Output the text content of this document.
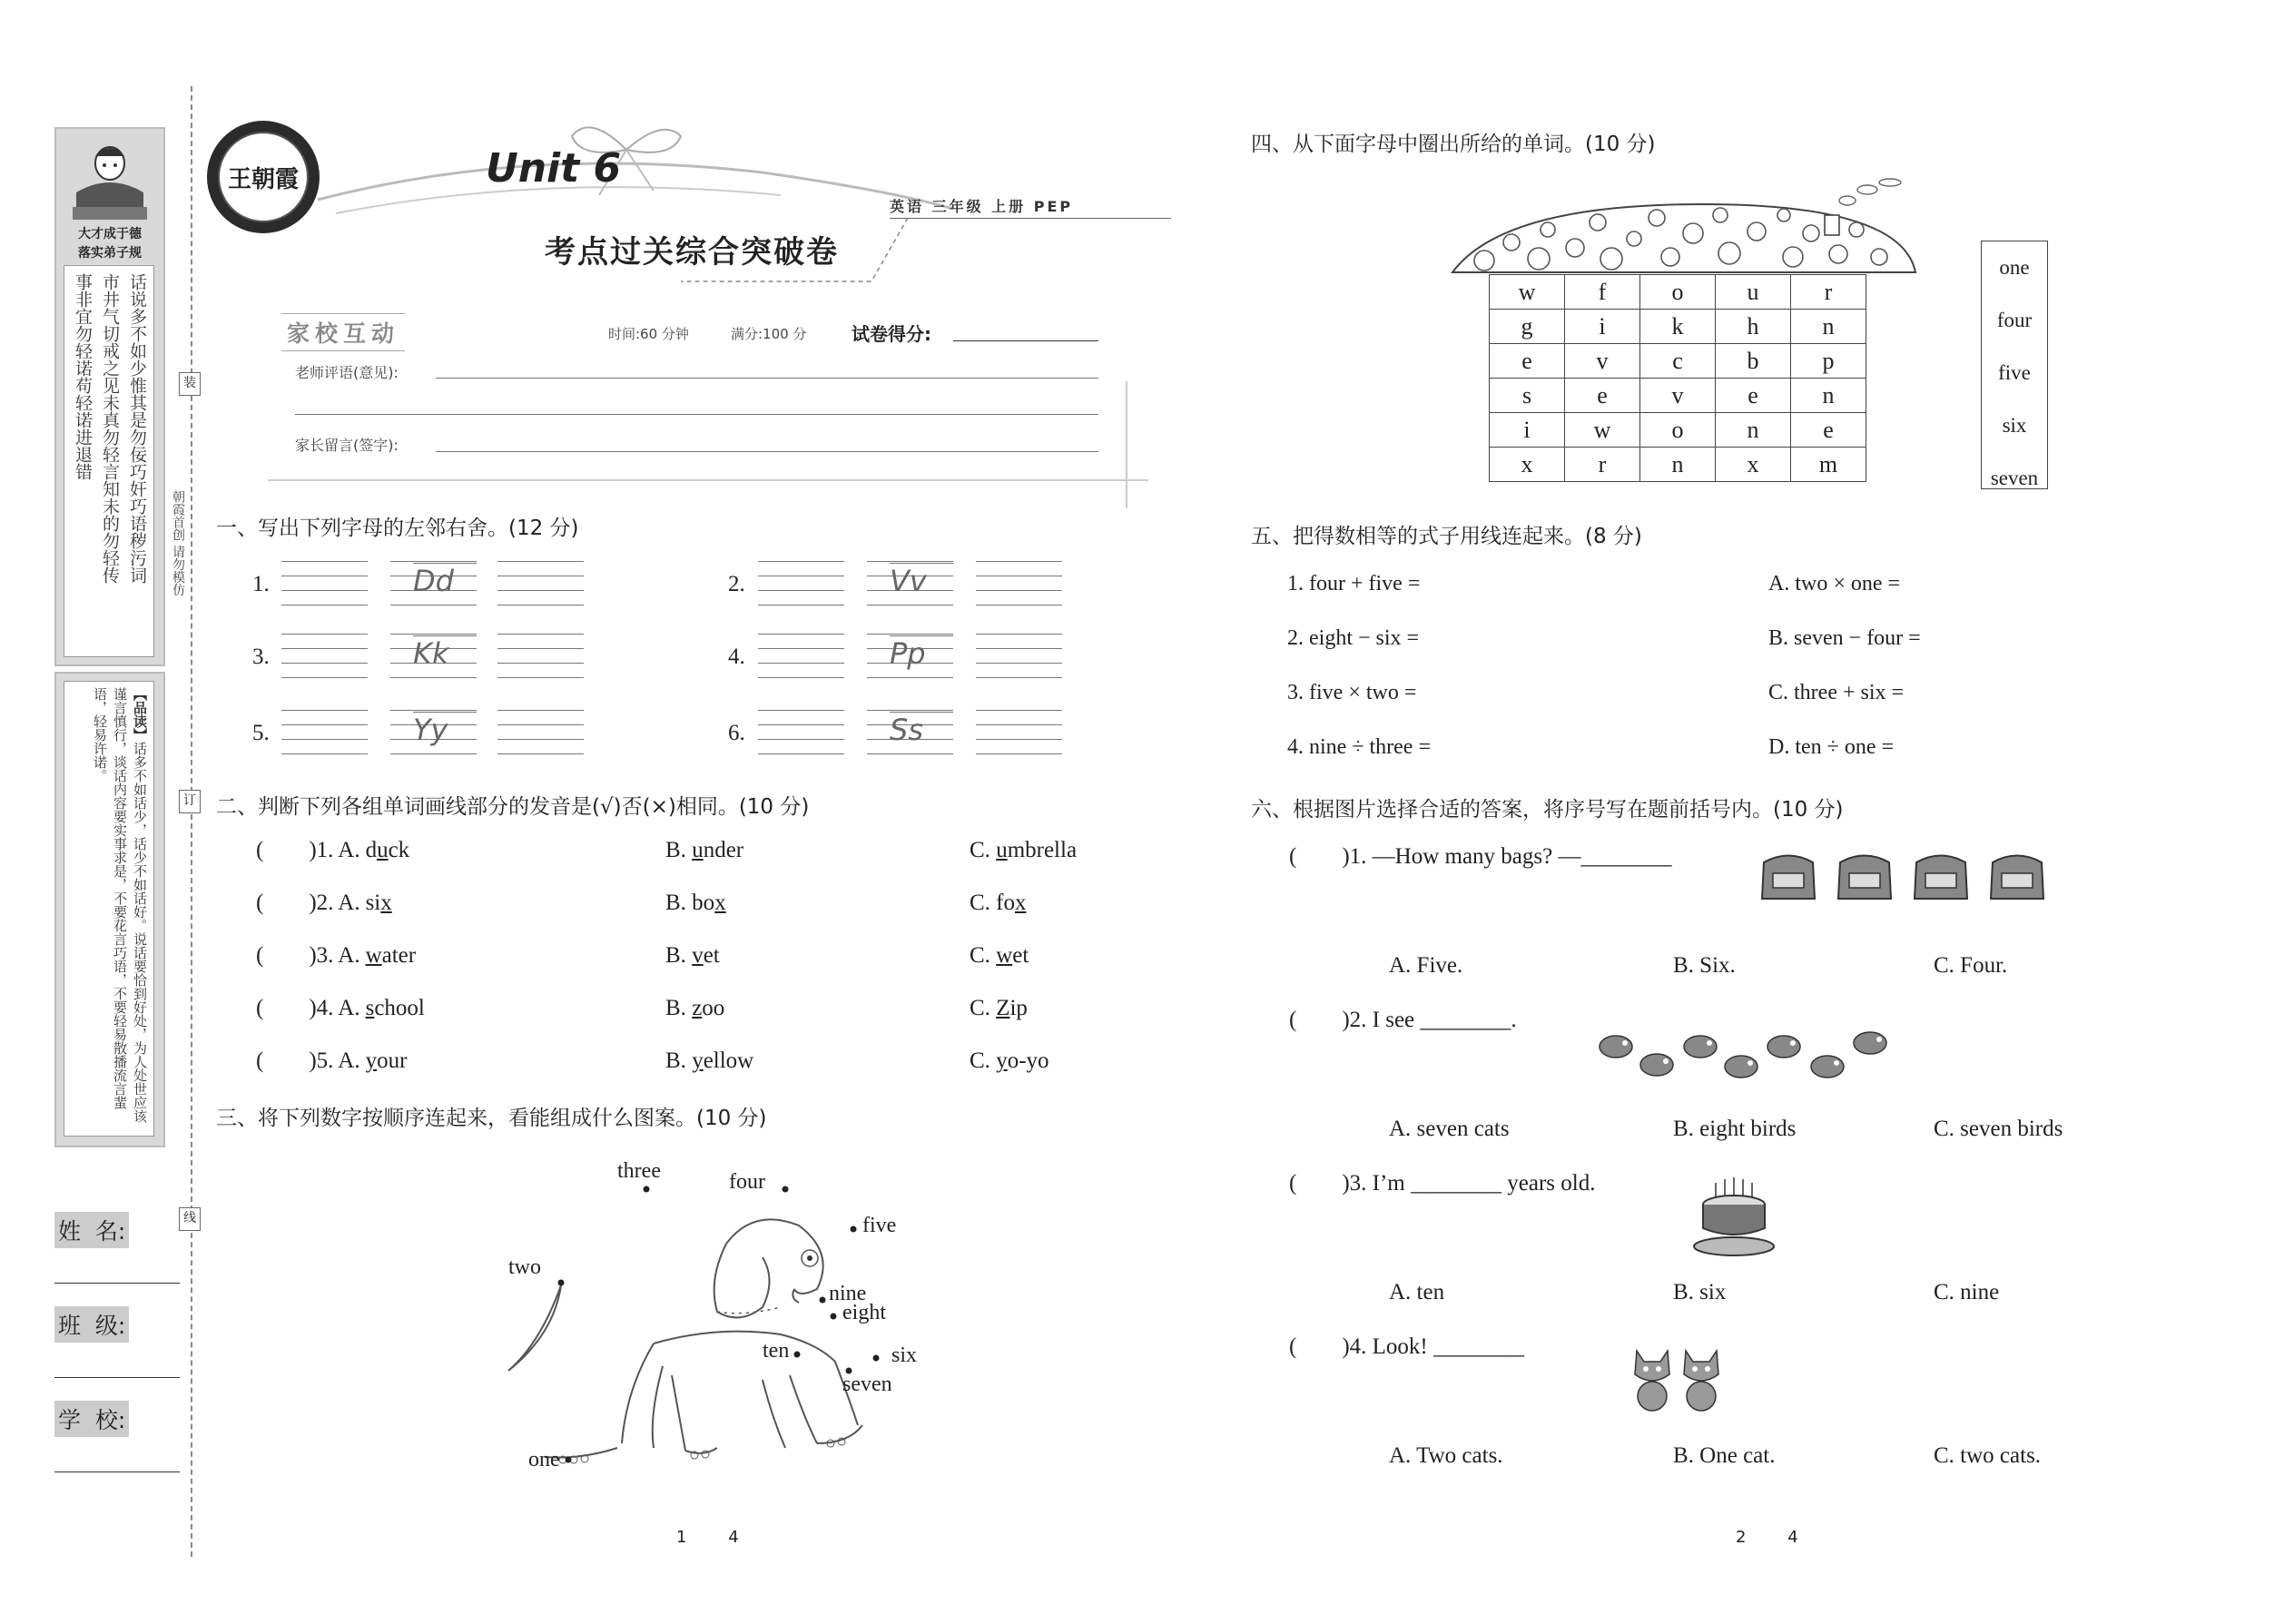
大才成于德
落实弟子规
话说多不如少惟其是勿佞巧奸巧语秽污词
市井气切戒之见未真勿轻言知未的勿轻传
事非宜勿轻诺苟轻诺进退错
【品读】话多不如话少，话少不如话好。说话要恰到好处，为人处世应该谨言慎行，谈话内容要实事求是，不要花言巧语，不要轻易散播流言蜚语，轻易许诺。
装
订
线
朝霞首创 请勿模仿
姓  名:
班  级:
学  校:
王朝霞	Unit 6
英语 三年级 上册 PEP
考点过关综合突破卷
家校互动	时间:60 分钟	满分:100 分 试卷得分:
老师评语(意见):
家长留言(签字):
一、写出下列字母的左邻右舍。(12 分)
1.	Dd	2.	Vv
3.	Kk	4.	Pp
5.	Yy	6.	Ss
二、判断下列各组单词画线部分的发音是(√)否(×)相同。(10 分)
(        )1. A. duck	B. under	C. umbrella
(        )2. A. six	B. box	C. fox
(        )3. A. water	B. vet	C. wet
(        )4. A. school	B. zoo	C. Zip
(        )5. A. your	B. yellow	C. yo-yo
三、将下列数字按顺序连起来，看能组成什么图案。(10 分)
three	four
five
two
nine
eight
ten	six
seven
one
1        4
四、从下面字母中圈出所给的单词。(10 分)
w	f	o	u	r
g	i	k	h	n
e	v	c	b	p
s	e	v	e	n
i	w	o	n	e
x	r	n	x	m
one
four
five
six
seven
五、把得数相等的式子用线连起来。(8 分)
1. four + five =
2. eight − six =
3. five × two =
4. nine ÷ three =
A. two × one =
B. seven − four =
C. three + six =
D. ten ÷ one =
六、根据图片选择合适的答案，将序号写在题前括号内。(10 分)
(        )1. —How many bags? —________
A. Five.	B. Six.	C. Four.
(        )2. I see ________.
A. seven cats	B. eight birds	C. seven birds
(        )3. I’m ________ years old.
A. ten	B. six	C. nine
(        )4. Look! ________
A. Two cats.	B. One cat.	C. two cats.
2        4
